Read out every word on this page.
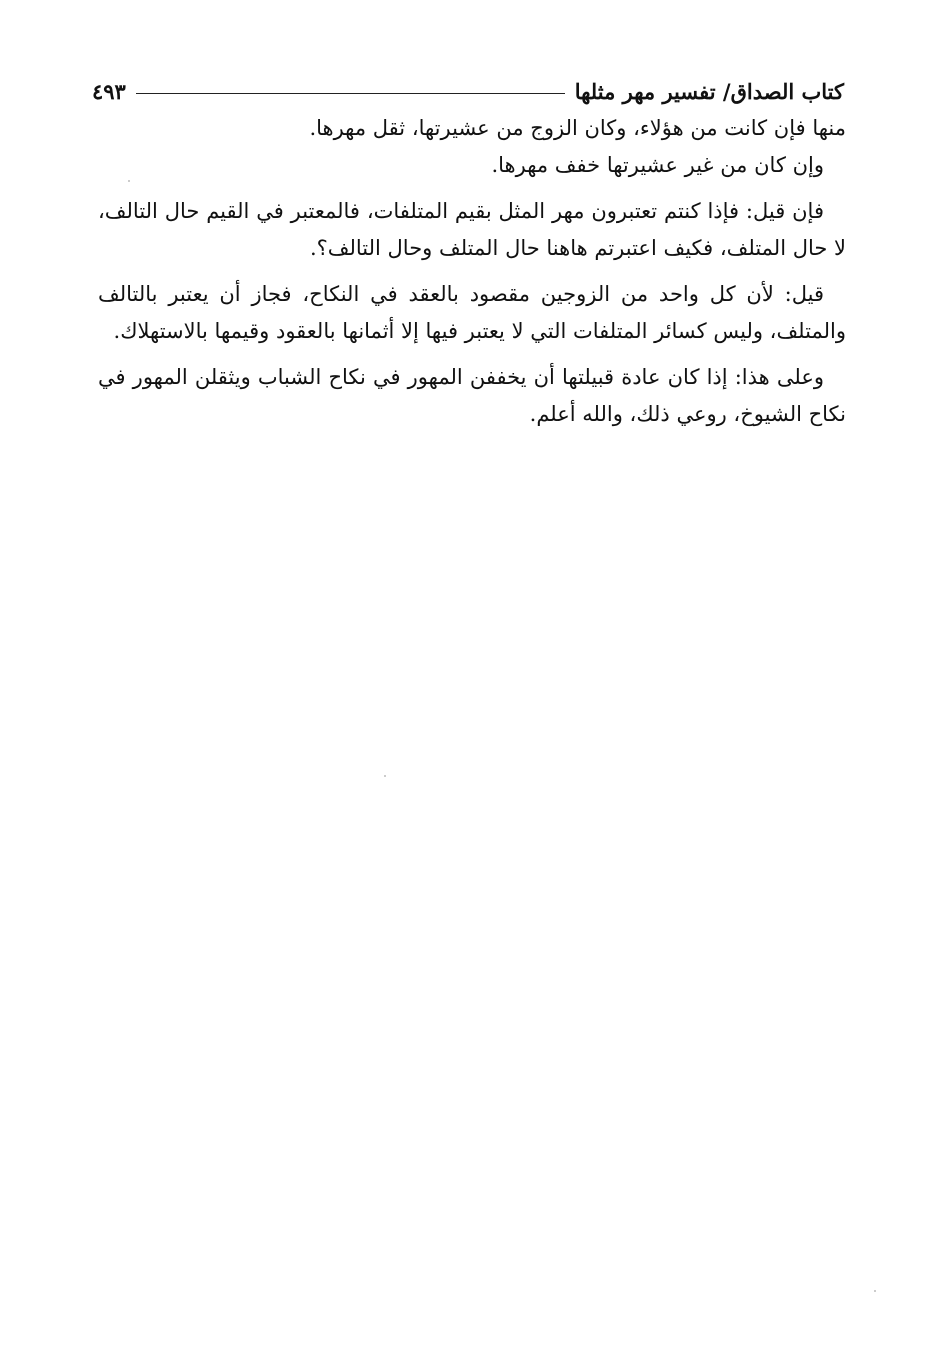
كتاب الصداق/ تفسير مهر مثلها
٤٩٣

منها فإن كانت من هؤلاء، وكان الزوج من عشيرتها، ثقل مهرها.

وإن كان من غير عشيرتها خفف مهرها.

فإن قيل: فإذا كنتم تعتبرون مهر المثل بقيم المتلفات، فالمعتبر في القيم حال التالف، لا حال المتلف، فكيف اعتبرتم هاهنا حال المتلف وحال التالف؟.

قيل: لأن كل واحد من الزوجين مقصود بالعقد في النكاح، فجاز أن يعتبر بالتالف والمتلف، وليس كسائر المتلفات التي لا يعتبر فيها إلا أثمانها بالعقود وقيمها بالاستهلاك.

وعلى هذا: إذا كان عادة قبيلتها أن يخففن المهور في نكاح الشباب ويثقلن المهور في نكاح الشيوخ، روعي ذلك، والله أعلم.
